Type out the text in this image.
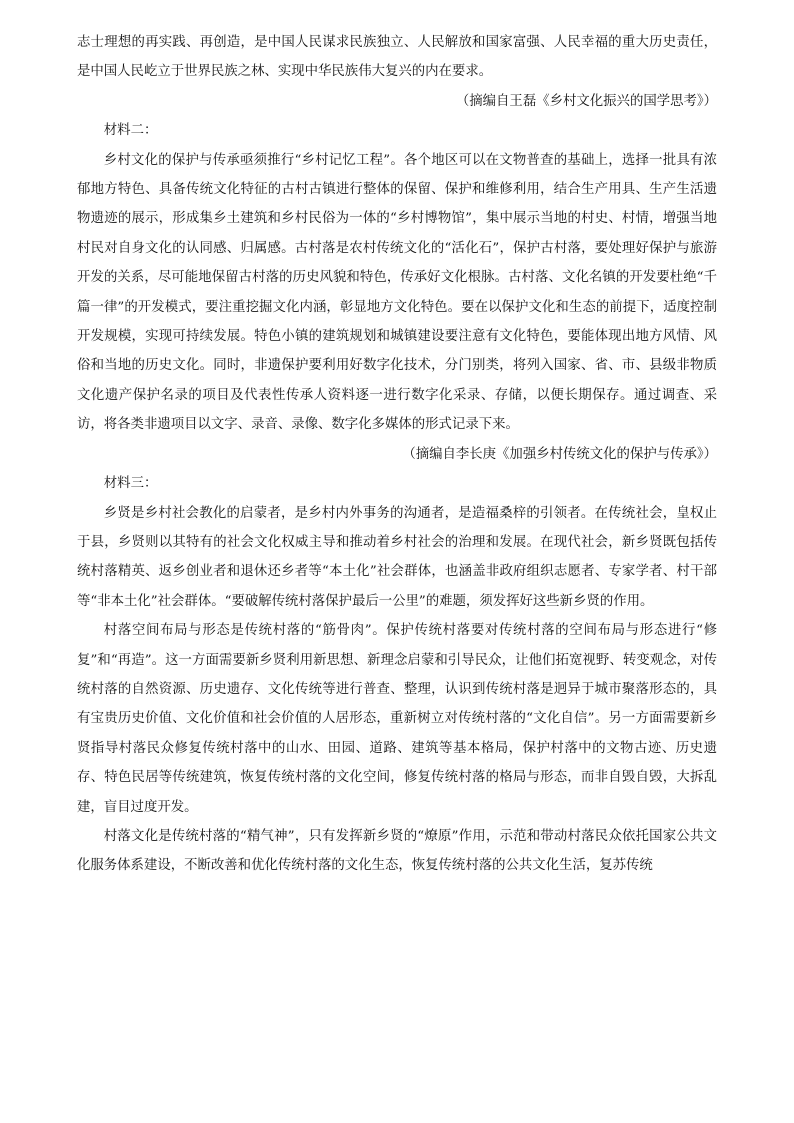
志士理想的再实践、再创造，是中国人民谋求民族独立、人民解放和国家富强、人民幸福的重大历史责任，是中国人民屹立于世界民族之林、实现中华民族伟大复兴的内在要求。

（摘编自王磊《乡村文化振兴的国学思考》）

材料二：

乡村文化的保护与传承亟须推行“乡村记忆工程”。各个地区可以在文物普查的基础上，选择一批具有浓郁地方特色、具备传统文化特征的古村古镇进行整体的保留、保护和维修利用，结合生产用具、生产生活遗物遗迹的展示，形成集乡土建筑和乡村民俗为一体的“乡村博物馆”，集中展示当地的村史、村情，增强当地村民对自身文化的认同感、归属感。古村落是农村传统文化的“活化石”，保护古村落，要处理好保护与旅游开发的关系，尽可能地保留古村落的历史风貌和特色，传承好文化根脉。古村落、文化名镇的开发要杜绝“千篇一律”的开发模式，要注重挖掘文化内涵，彰显地方文化特色。要在以保护文化和生态的前提下，适度控制开发规模，实现可持续发展。特色小镇的建筑规划和城镇建设要注意有文化特色，要能体现出地方风情、风俗和当地的历史文化。同时，非遗保护要利用好数字化技术，分门别类，将列入国家、省、市、县级非物质文化遗产保护名录的项目及代表性传承人资料逐一进行数字化采录、存储，以便长期保存。通过调查、采访，将各类非遗项目以文字、录音、录像、数字化多媒体的形式记录下来。

（摘编自李长庚《加强乡村传统文化的保护与传承》）

材料三：

乡贤是乡村社会教化的启蒙者，是乡村内外事务的沟通者，是造福桑梓的引领者。在传统社会，皇权止于县，乡贤则以其特有的社会文化权威主导和推动着乡村社会的治理和发展。在现代社会，新乡贤既包括传统村落精英、返乡创业者和退休还乡者等“本土化”社会群体，也涵盖非政府组织志愿者、专家学者、村干部等“非本土化”社会群体。“要破解传统村落保护最后一公里”的难题，须发挥好这些新乡贤的作用。

村落空间布局与形态是传统村落的“筋骨肉”。保护传统村落要对传统村落的空间布局与形态进行“修复”和“再造”。这一方面需要新乡贤利用新思想、新理念启蒙和引导民众，让他们拓宽视野、转变观念，对传统村落的自然资源、历史遗存、文化传统等进行普查、整理，认识到传统村落是迥异于城市聚落形态的，具有宝贵历史价值、文化价值和社会价值的人居形态，重新树立对传统村落的“文化自信”。另一方面需要新乡贤指导村落民众修复传统村落中的山水、田园、道路、建筑等基本格局，保护村落中的文物古迹、历史遗存、特色民居等传统建筑，恢复传统村落的文化空间，修复传统村落的格局与形态，而非自毁自毁，大拆乱建，盲目过度开发。

村落文化是传统村落的“精气神”，只有发挥新乡贤的“燎原”作用，示范和带动村落民众依托国家公共文化服务体系建设，不断改善和优化传统村落的文化生态，恢复传统村落的公共文化生活，复苏传统
